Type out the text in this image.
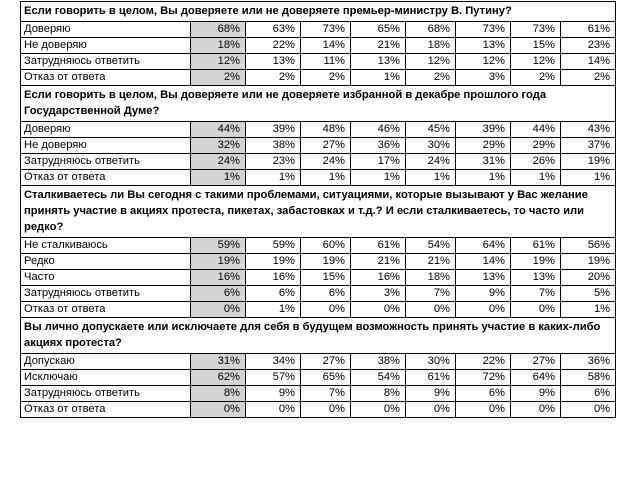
Если говорить в целом, Вы доверяете или не доверяете премьер-министру В. Путину?								
Доверяю	68%	63%	73%	65%	68%	73%	73%	61%
Не доверяю	18%	22%	14%	21%	18%	13%	15%	23%
Затрудняюсь ответить	12%	13%	11%	13%	12%	12%	12%	14%
Отказ от ответа	2%	2%	2%	1%	2%	3%	2%	2%
Если говорить в целом, Вы доверяете или не доверяете избранной в декабре прошлого года Государственной Думе?								
Доверяю	44%	39%	48%	46%	45%	39%	44%	43%
Не доверяю	32%	38%	27%	36%	30%	29%	29%	37%
Затрудняюсь ответить	24%	23%	24%	17%	24%	31%	26%	19%
Отказ от ответа	1%	1%	1%	1%	1%	1%	1%	1%
Сталкиваетесь ли Вы сегодня с такими проблемами, ситуациями, которые вызывают у Вас желание принять участие в акциях протеста, пикетах, забастовках и т.д.? И если сталкиваетесь, то часто или редко?								
Не сталкиваюсь	59%	59%	60%	61%	54%	64%	61%	56%
Редко	19%	19%	19%	21%	21%	14%	19%	19%
Часто	16%	16%	15%	16%	18%	13%	13%	20%
Затрудняюсь ответить	6%	6%	6%	3%	7%	9%	7%	5%
Отказ от ответа	0%	1%	0%	0%	0%	0%	0%	1%
Вы лично допускаете или исключаете для себя в будущем возможность принять участие в каких-либо акциях протеста?								
Допускаю	31%	34%	27%	38%	30%	22%	27%	36%
Исключаю	62%	57%	65%	54%	61%	72%	64%	58%
Затрудняюсь ответить	8%	9%	7%	8%	9%	6%	9%	6%
Отказ от ответа	0%	0%	0%	0%	0%	0%	0%	0%
